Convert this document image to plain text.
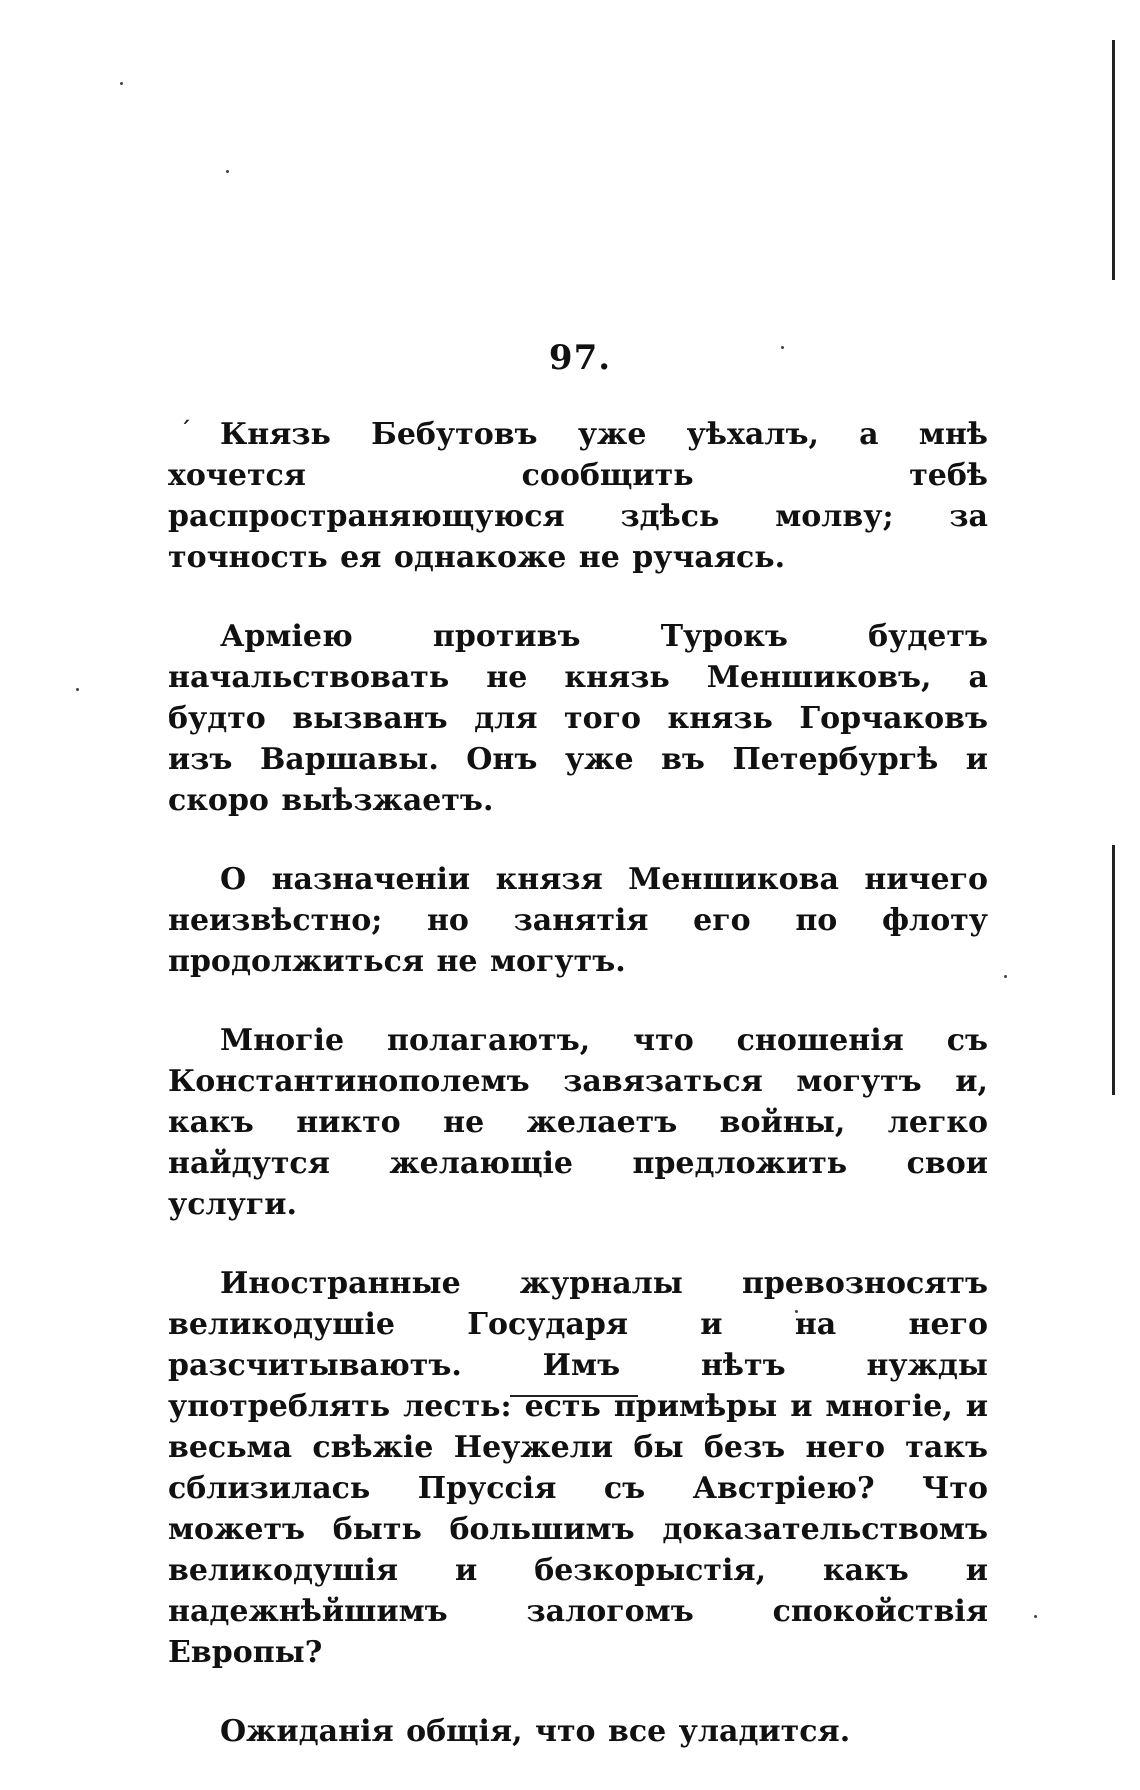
97.
´ Князь Бебутовъ уже уѣхалъ, а мнѣ хочется сообщить тебѣ распространяющуюся здѣсь молву; за точность ея однакоже не ручаясь.

Арміею противъ Турокъ будетъ начальствовать не князь Меншиковъ, а будто вызванъ для того князь Горчаковъ изъ Варшавы. Онъ уже въ Петербургѣ и скоро выѣзжаетъ.

О назначеніи князя Меншикова ничего неизвѣстно; но занятія его по флоту продолжиться не могутъ.

Многіе полагаютъ, что сношенія съ Константинополемъ завязаться могутъ и, какъ никто не желаетъ войны, легко найдутся желающіе предложить свои услуги.

Иностранные журналы превозносятъ великодушіе Государя и на него разсчитываютъ. Имъ нѣтъ нужды употреблять лесть: есть примѣры и многіе, и весьма свѣжіе Неужели бы безъ него такъ сблизилась Пруссія съ Австріею? Что можетъ быть большимъ доказательствомъ великодушія и безкорыстія, какъ и надежнѣйшимъ залогомъ спокойствія Европы?

Ожиданія общія, что все уладится.
